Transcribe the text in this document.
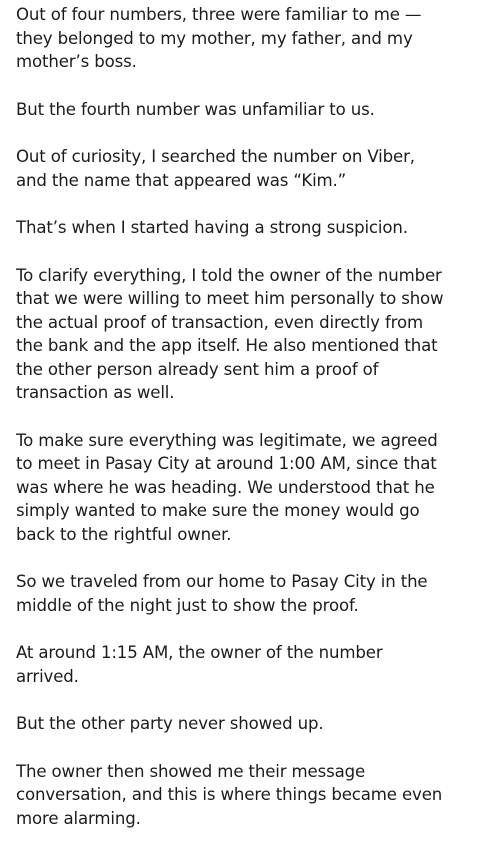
Out of four numbers, three were familiar to me —
they belonged to my mother, my father, and my
mother’s boss.

But the fourth number was unfamiliar to us.

Out of curiosity, I searched the number on Viber,
and the name that appeared was “Kim.”

That’s when I started having a strong suspicion.

To clarify everything, I told the owner of the number
that we were willing to meet him personally to show
the actual proof of transaction, even directly from
the bank and the app itself. He also mentioned that
the other person already sent him a proof of
transaction as well.

To make sure everything was legitimate, we agreed
to meet in Pasay City at around 1:00 AM, since that
was where he was heading. We understood that he
simply wanted to make sure the money would go
back to the rightful owner.

So we traveled from our home to Pasay City in the
middle of the night just to show the proof.

At around 1:15 AM, the owner of the number
arrived.

But the other party never showed up.

The owner then showed me their message
conversation, and this is where things became even
more alarming.
